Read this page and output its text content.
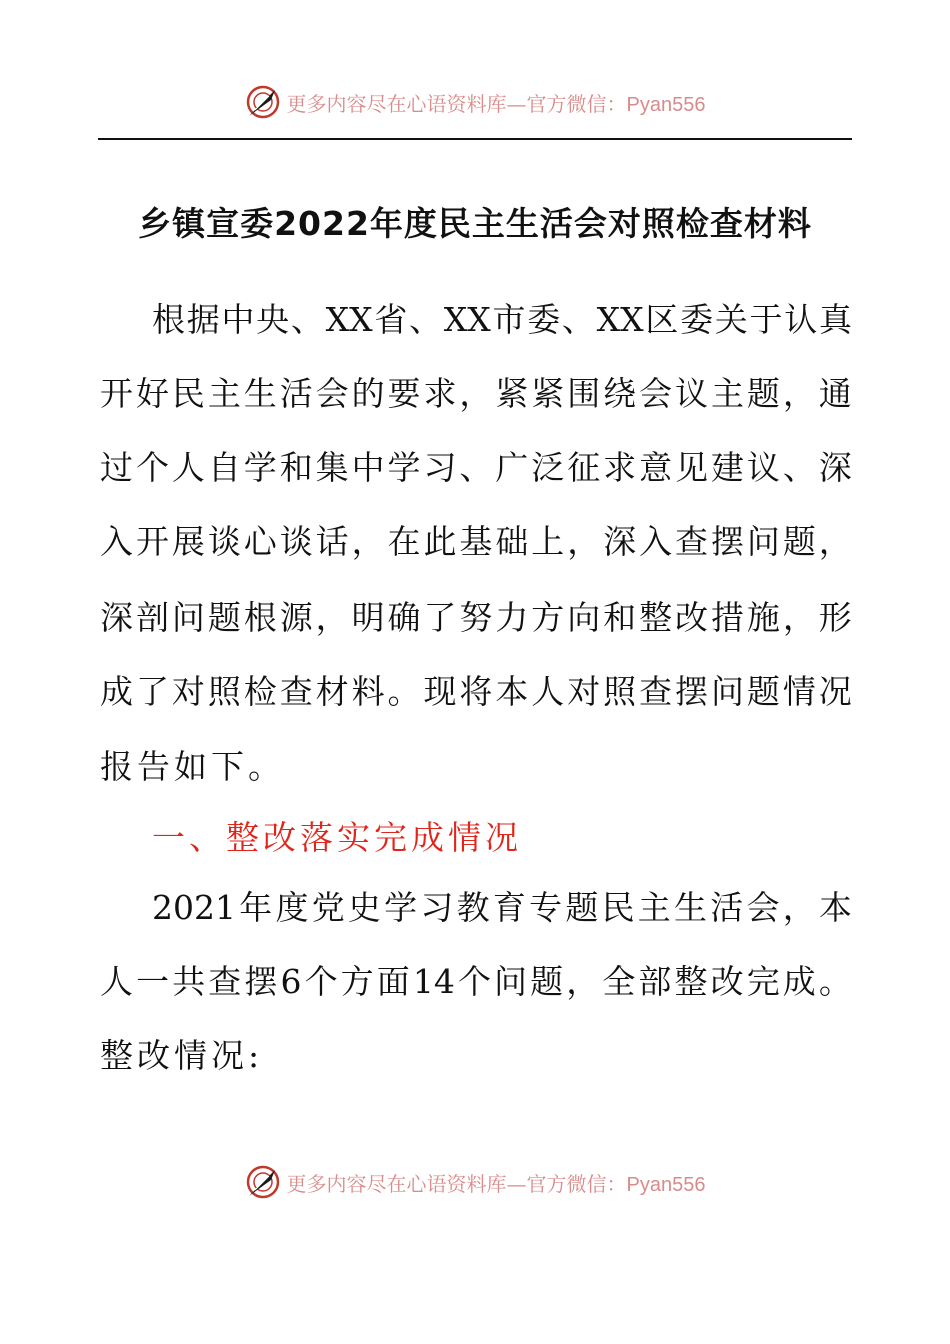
更多内容尽在心语资料库—官方微信：Pyan556
乡镇宣委2022年度民主生活会对照检查材料
根 据 中 央 、 XX 省 、 XX 市 委 、 XX 区 委 关 于 认 真
开 好 民 主 生 活 会 的 要 求 ， 紧 紧 围 绕 会 议 主 题 ， 通
过 个 人 自 学 和 集 中 学 习 、 广 泛 征 求 意 见 建 议 、 深
入 开 展 谈 心 谈 话 ， 在 此 基 础 上 ， 深 入 查 摆 问 题 ，
深 剖 问 题 根 源 ， 明 确 了 努 力 方 向 和 整 改 措 施 ， 形
成 了 对 照 检 查 材 料 。 现 将 本 人 对 照 查 摆 问 题 情 况
报告如下。
一、整改落实完成情况
2021 年 度 党 史 学 习 教 育 专 题 民 主 生 活 会 ， 本
人 一 共 查 摆 6 个 方 面 14 个 问 题 ， 全 部 整 改 完 成 。
整改情况:
更多内容尽在心语资料库—官方微信：Pyan556
